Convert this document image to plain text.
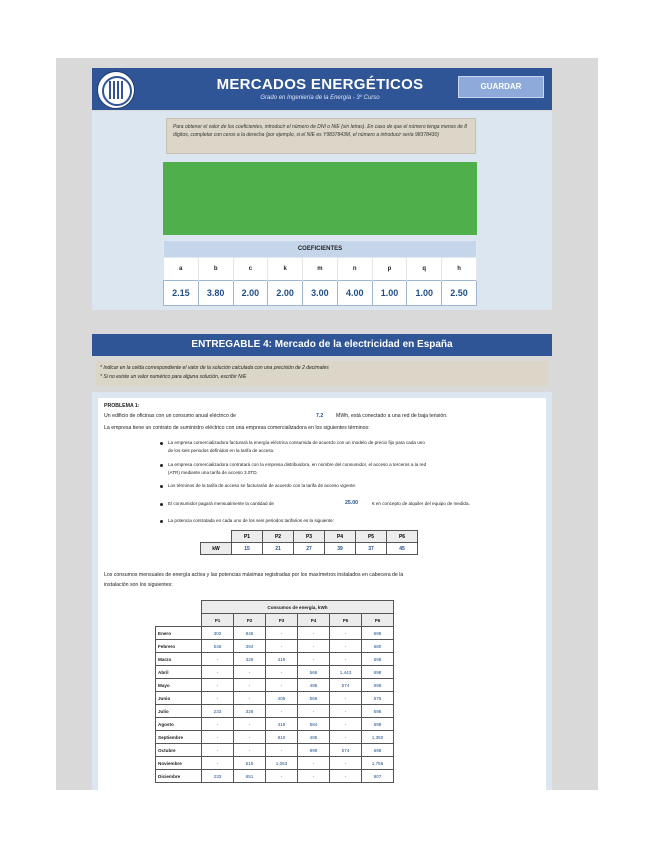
MERCADOS ENERGÉTICOS
Grado en Ingeniería de la Energía - 3º Curso
GUARDAR
Para obtener el valor de los coeficientes, introducir el número de DNI o NIE (sin letras). En caso de que el número tenga menos de 8 dígitos, completar con ceros a la derecha (por ejemplo, si el NIE es Y9837843M, el número a introducir sería 98378430)
COEFICIENTES								
a	b	c	k	m	n	p	q	h
2.15	3.80	2.00	2.00	3.00	4.00	1.00	1.00	2.50
ENTREGABLE 4: Mercado de la electricidad en España
* Indicar en la celda correspondiente el valor de la solución calculada con una precisión de 2 decimales
* Si no existe un valor numérico para alguna solución, escribir N/E
PROBLEMA 1:
Un edificio de oficinas con un consumo anual eléctrico de	7.2 MWh, está conectado a una red de baja tensión.
La empresa tiene un contrato de suministro eléctrico con una empresa comercializadora en los siguientes términos:
La empresa comercializadora facturará la energía eléctrica consumida de acuerdo con un modelo de precio fijo para cada uno
de los seis periodos definidos en la tarifa de acceso.
La empresa comercializadora contratará con la empresa distribuidora, en nombre del consumidor, el acceso a terceros a la red
(ATR) mediante una tarifa de acceso 3.0TD.
Los términos de la tarifa de acceso se facturarán de acuerdo con la tarifa de acceso vigente.
El consumidor pagará mensualmente la cantidad de	25.00	€ en concepto de alquiler del equipo de medida.
La potencia contratada en cada uno de los seis periodos tarifarios es la siguiente:
	P1	P2	P3	P4	P5	P6
kW	15	21	27	39	37	45
Los consumos mensuales de energía activa y las potencias máximas registradas por los maxímetros instalados en cabecera de la
instalación son los siguientes:
	Consumos de energía, kWh					
	P1	P2	P3	P4	P5	P6
Enero	302	846	-	-	-	698
Febrero	546	394	-	-	-	680
Marzo	-	326	419	-	-	698
Abril	-	-	-	566	1,443	698
Mayo	-	-	-	495	574	698
Junio	-	-	405	566	-	675
Julio	233	326	-	-	-	698
Agosto	-	-	419	584	-	698
Septiembre	-	-	810	495	-	1,350
Octubre	-	-	-	899	574	698
Noviembre	-	515	1,053	-	-	1,755
Diciembre	233	651	-	-	-	907
